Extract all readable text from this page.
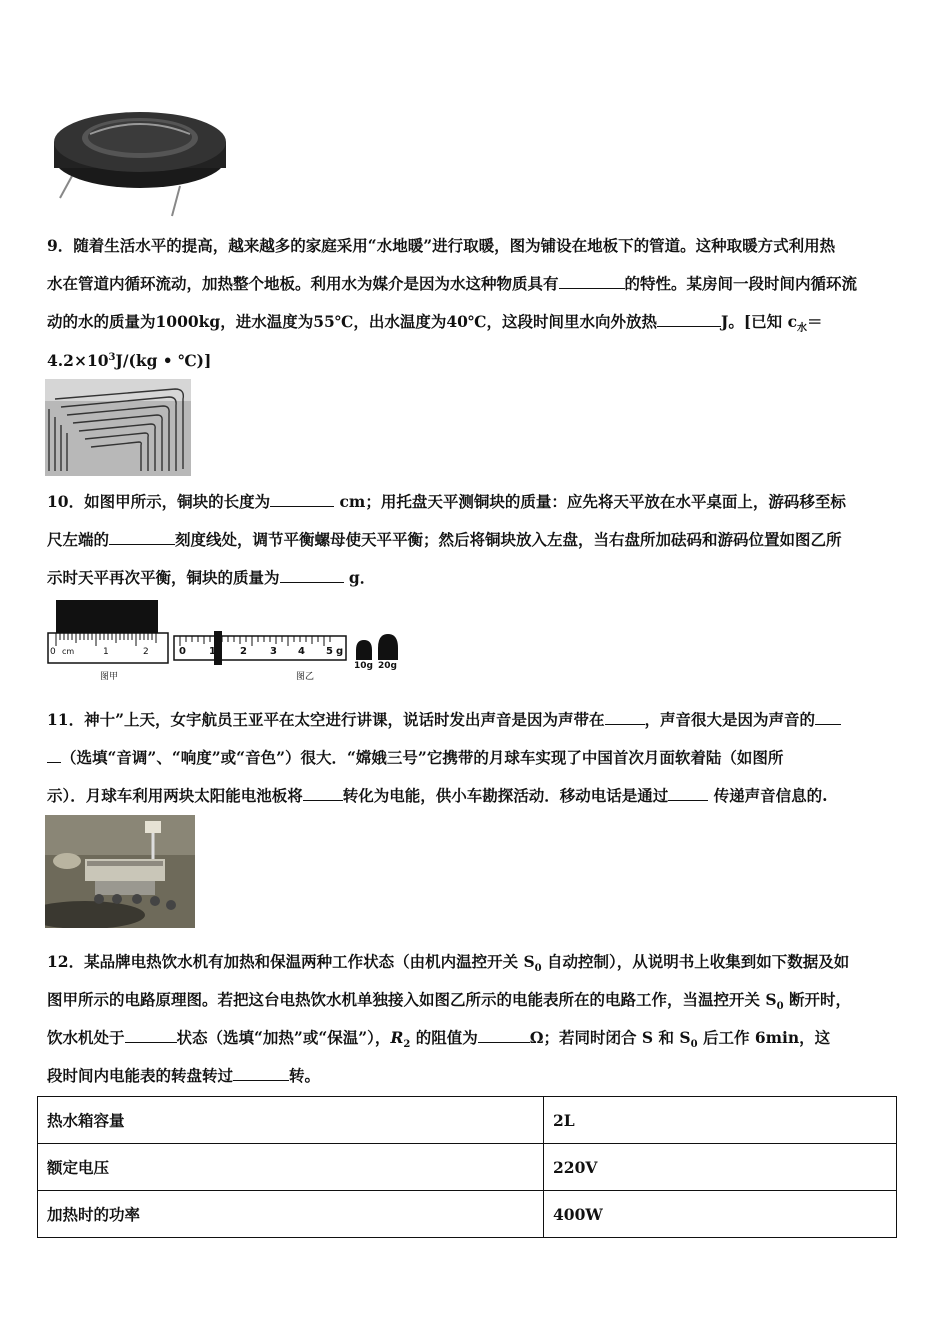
9．随着生活水平的提高，越来越多的家庭采用“水地暖”进行取暖，图为铺设在地板下的管道。这种取暖方式利用热
水在管道内循环流动，加热整个地板。利用水为媒介是因为水这种物质具有	的特性。某房间一段时间内循环流
动的水的质量为1000kg，进水温度为55℃，出水温度为40℃，这段时间里水向外放热	J。[已知 $c_水=$
$4.2\times 10^3J/(kg$ • ℃)]
10．如图甲所示，铜块的长度为	cm；用托盘天平测铜块的质量：应先将天平放在水平桌面上，游码移至标
尺左端的	刻度线处，调节平衡螺母使天平平衡；然后将铜块放入左盘，当右盘所加砝码和游码位置如图乙所
示时天平再次平衡，铜块的质量为	g．
0 cm	1	2	0 1 2 3 4 5 g
10g 20g
图甲	图乙
11．神十”上天，女宇航员王亚平在太空进行讲课，说话时发出声音是因为声带在	，声音很大是因为声音的
（选填“音调”、“响度”或“音色”）很大．“嫦娥三号”它携带的月球车实现了中国首次月面软着陆（如图所
示）．月球车利用两块太阳能电池板将	转化为电能，供小车勘探活动．移动电话是通过	传递声音信息的.
12．某品牌电热饮水机有加热和保温两种工作状态（由机内温控开关 $S_0$ 自动控制），从说明书上收集到如下数据及如
图甲所示的电路原理图。若把这台电热饮水机单独接入如图乙所示的电能表所在的电路工作，当温控开关 $S_0$ 断开时，
饮水机处于	状态（选填“加热”或“保温”），$R_2$ 的阻值为	Ω；若同时闭合 S 和 $S_0$ 后工作 6min，这
段时间内电能表的转盘转过	转。
热水箱容量	2L
额定电压	220V
加热时的功率	400W
